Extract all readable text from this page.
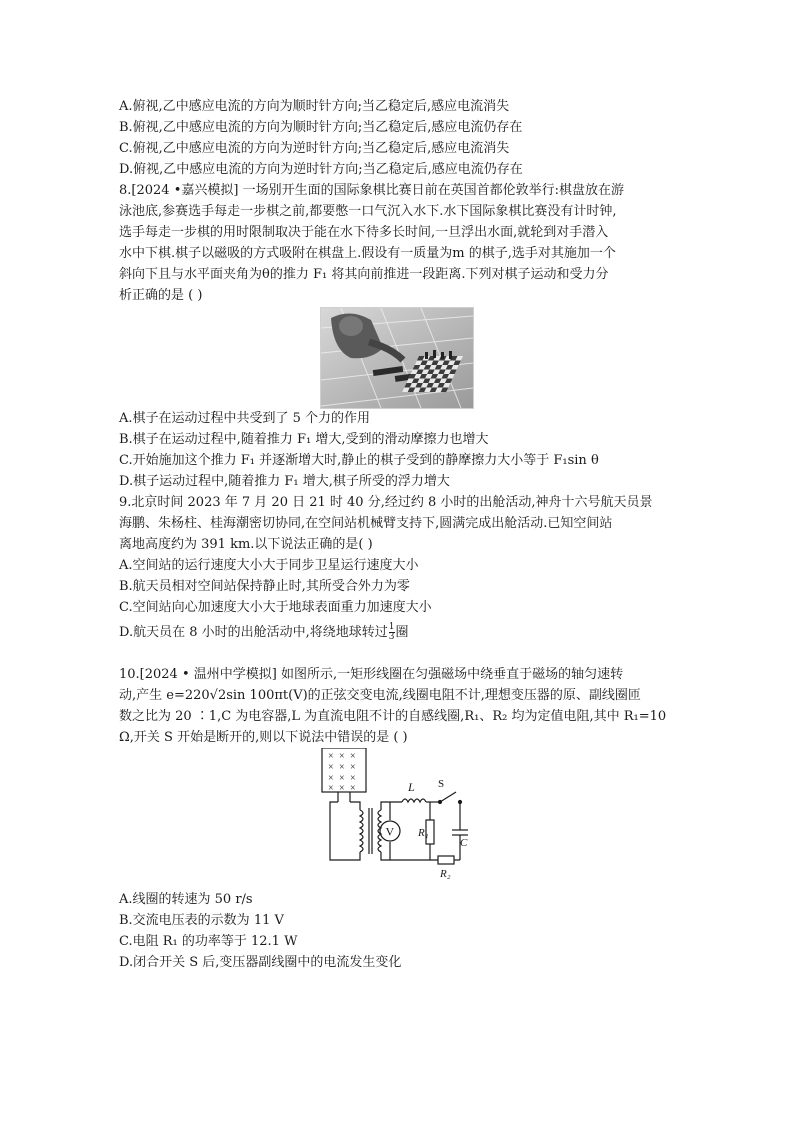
A.俯视,乙中感应电流的方向为顺时针方向;当乙稳定后,感应电流消失
B.俯视,乙中感应电流的方向为顺时针方向;当乙稳定后,感应电流仍存在
C.俯视,乙中感应电流的方向为逆时针方向;当乙稳定后,感应电流消失
D.俯视,乙中感应电流的方向为逆时针方向;当乙稳定后,感应电流仍存在
8.[2024 •嘉兴模拟] 一场别开生面的国际象棋比赛日前在英国首都伦敦举行:棋盘放在游
泳池底,参赛选手每走一步棋之前,都要憋一口气沉入水下.水下国际象棋比赛没有计时钟,
选手每走一步棋的用时限制取决于能在水下待多长时间,一旦浮出水面,就轮到对手潜入
水中下棋.棋子以磁吸的方式吸附在棋盘上.假设有一质量为m 的棋子,选手对其施加一个
斜向下且与水平面夹角为θ的推力 F₁ 将其向前推进一段距离.下列对棋子运动和受力分
析正确的是 ( )
A.棋子在运动过程中共受到了 5 个力的作用
B.棋子在运动过程中,随着推力 F₁ 增大,受到的滑动摩擦力也增大
C.开始施加这个推力 F₁ 并逐渐增大时,静止的棋子受到的静摩擦力大小等于 F₁sin θ
D.棋子运动过程中,随着推力 F₁ 增大,棋子所受的浮力增大
9.北京时间 2023 年 7 月 20 日 21 时 40 分,经过约 8 小时的出舱活动,神舟十六号航天员景
海鹏、朱杨柱、桂海潮密切协同,在空间站机械臂支持下,圆满完成出舱活动.已知空间站
离地高度约为 391 km.以下说法正确的是( )
A.空间站的运行速度大小大于同步卫星运行速度大小
B.航天员相对空间站保持静止时,其所受合外力为零
C.空间站向心加速度大小大于地球表面重力加速度大小
D.航天员在 8 小时的出舱活动中,将绕地球转过 $\frac{1}{3}$ 圈
10.[2024 • 温州中学模拟] 如图所示,一矩形线圈在匀强磁场中绕垂直于磁场的轴匀速转
动,产生 e=220√2sin 100πt(V)的正弦交变电流,线圈电阻不计,理想变压器的原、副线圈匝
数之比为 20 ∶1,C 为电容器,L 为直流电阻不计的自感线圈,R₁、R₂ 均为定值电阻,其中 R₁=10
Ω,开关 S 开始是断开的,则以下说法中错误的是 ( )
× × ×
× × ×
× × ×
× × ×
V
L S
R₁
C
R₂
A.线圈的转速为 50 r/s
B.交流电压表的示数为 11 V
C.电阻 R₁ 的功率等于 12.1 W
D.闭合开关 S 后,变压器副线圈中的电流发生变化
